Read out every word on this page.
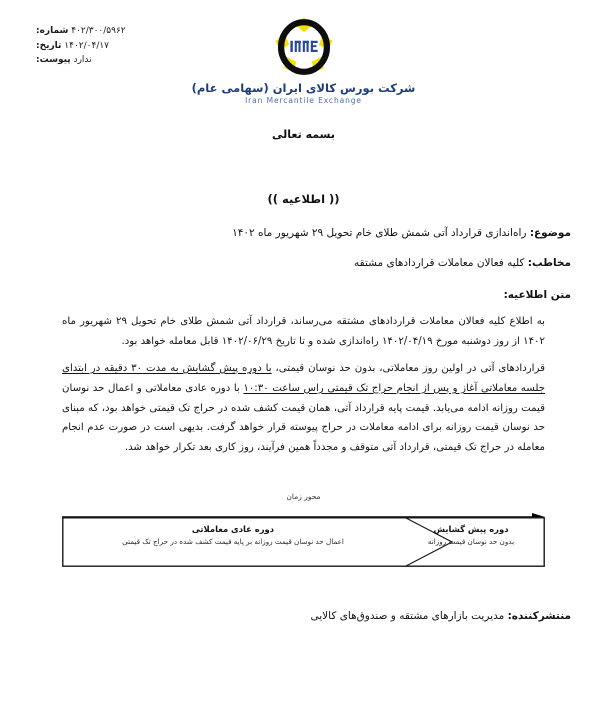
۴۰۲/۳۰۰/۵۹۶۲ شماره:
۱۴۰۲/۰۴/۱۷ تاریخ:
ندارد پیوست:
شرکت بورس کالای ایران (سهامی عام)
Iran Mercantile Exchange
بسمه تعالی
(( اطلاعیه ))
موضوع: راه‌اندازی قرارداد آتی شمش طلای خام تحویل ۲۹ شهریور ماه ۱۴۰۲
مخاطب: کلیه فعالان معاملات قراردادهای مشتقه
متن اطلاعیه:

به اطلاع کلیه فعالان معاملات قراردادهای مشتقه می‌رساند، قرارداد آتی شمش طلای خام تحویل ۲۹ شهریور ماه ۱۴۰۲ از روز دوشنبه مورخ ۱۴۰۲/۰۴/۱۹ راه‌اندازی شده و تا تاریخ ۱۴۰۲/۰۶/۲۹ قابل معامله خواهد بود.

قراردادهای آتی در اولین روز معاملاتی، بدون حد نوسان قیمتی، با دوره پیش گشایش به مدت ۳۰ دقیقه در ابتدای جلسه معاملاتی آغاز و پس از انجام حراج تک قیمتی راس ساعت ۱۰:۳۰ با دوره عادی معاملاتی و اعمال حد نوسان قیمت روزانه ادامه می‌یابد. قیمت پایه قرارداد آتی، همان قیمت کشف شده در حراج تک قیمتی خواهد بود، که مبنای حد نوسان قیمت روزانه برای ادامه معاملات در حراج پیوسته قرار خواهد گرفت. بدیهی است در صورت عدم انجام معامله در حراج تک قیمتی، قرارداد آتی متوقف و مجدداً همین فرآیند، روز کاری بعد تکرار خواهد شد.

محور زمان
دوره پیش گشایش
بدون حد نوسان قیمت روزانه
دوره عادی معاملاتی
اعمال حد نوسان قیمت روزانه بر پایه قیمت کشف شده در حراج تک قیمتی
منتشرکننده: مدیریت بازارهای مشتقه و صندوق‌های کالایی
